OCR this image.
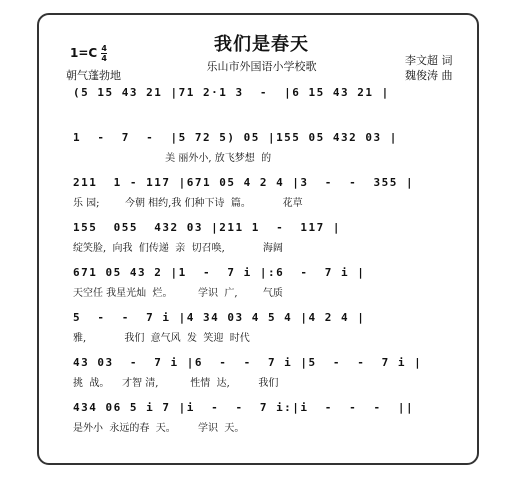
我们是春天
乐山市外国语小学校歌
$1=C \frac{4}{4}$
朝气蓬勃地
李文超 词
魏俊涛 曲
(5 15 43 21 |71 2·1 3  -  |6 15 43 21 |
1  -  7  -  |5 72 5) 05 |155 05 432 03 |
美 丽外小, 放飞梦想  的
211  1 - 117 |671 05 4 2 4 |3  -  -  355 |
乐 园;        今朝 相约,我 们种下诗  篇。          花草
155  055  432 03 |211 1  -  117 |
绽笑脸,  向我  们传递  亲  切召唤,            海阔
671 05 43 2 |1  -  7 i |:6  -  7 i |
天空任 我星光灿  烂。        学识  广,        气质
5  -  -  7 i |4 34 03 4 5 4 |4 2 4 |
雅,            我们  意气风  发  笑迎  时代
43 03  -  7 i |6  -  -  7 i |5  -  -  7 i |
挑  战。    才智 清,          性情  达,         我们
434 06 5 i 7 |i  -  -  7 i:|i  -  -  -  ||
是外小  永远的春  天。       学识  天。
